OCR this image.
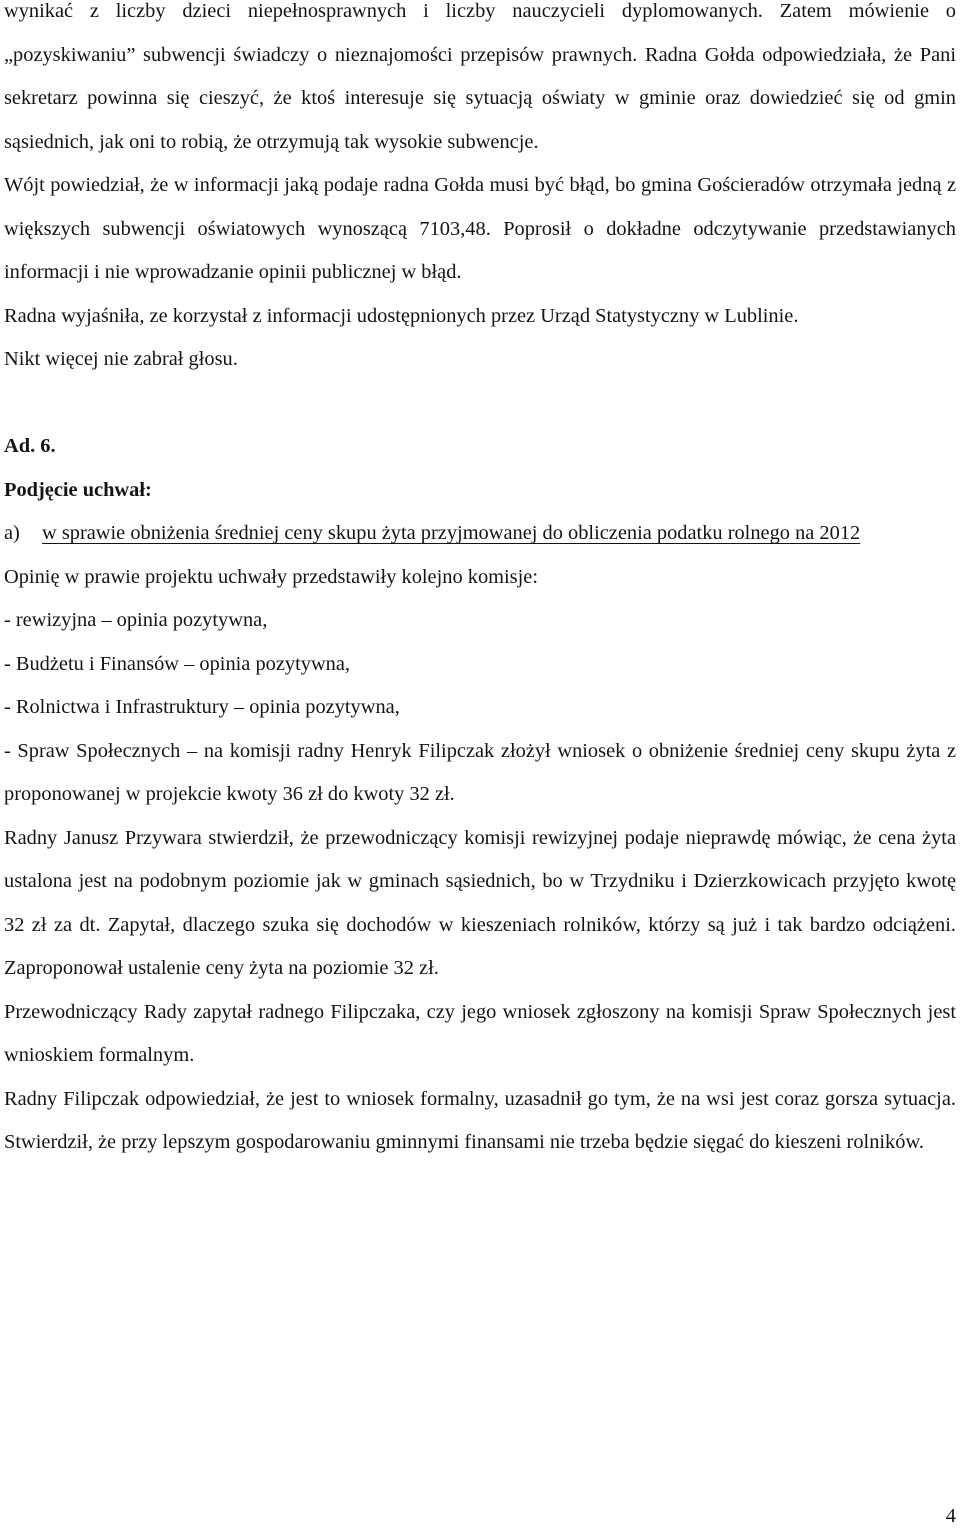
wynikać z liczby dzieci niepełnosprawnych i liczby nauczycieli dyplomowanych. Zatem mówienie o „pozyskiwaniu” subwencji świadczy o nieznajomości przepisów prawnych. Radna Gołda odpowiedziała, że Pani sekretarz powinna się cieszyć, że ktoś interesuje się sytuacją oświaty w gminie oraz dowiedzieć się od gmin sąsiednich, jak oni to robią, że otrzymują tak wysokie subwencje.

Wójt powiedział, że w informacji jaką podaje radna Gołda musi być błąd, bo gmina Gościeradów otrzymała jedną z większych subwencji oświatowych wynoszącą 7103,48. Poprosił o dokładne odczytywanie przedstawianych informacji i nie wprowadzanie opinii publicznej w błąd.

Radna wyjaśniła, ze korzystał z informacji udostępnionych przez Urząd Statystyczny w Lublinie.

Nikt więcej nie zabrał głosu.

Ad. 6.

Podjęcie uchwał:

a)	w sprawie obniżenia średniej ceny skupu żyta przyjmowanej do obliczenia podatku rolnego na 2012

Opinię w prawie projektu uchwały przedstawiły kolejno komisje:

- rewizyjna – opinia pozytywna,

- Budżetu i Finansów – opinia pozytywna,

- Rolnictwa i Infrastruktury – opinia pozytywna,

- Spraw Społecznych – na komisji radny Henryk Filipczak złożył wniosek o obniżenie średniej ceny skupu żyta z proponowanej w projekcie kwoty 36 zł do kwoty 32 zł.

Radny Janusz Przywara stwierdził, że przewodniczący komisji rewizyjnej podaje nieprawdę mówiąc, że cena żyta ustalona jest na podobnym poziomie jak w gminach sąsiednich, bo w Trzydniku i Dzierzkowicach przyjęto kwotę 32 zł za dt. Zapytał, dlaczego szuka się dochodów w kieszeniach rolników, którzy są już i tak bardzo odciążeni. Zaproponował ustalenie ceny żyta na poziomie 32 zł.

Przewodniczący Rady zapytał radnego Filipczaka, czy jego wniosek zgłoszony na komisji Spraw Społecznych jest wnioskiem formalnym.

Radny Filipczak odpowiedział, że jest to wniosek formalny, uzasadnił go tym, że na wsi jest coraz gorsza sytuacja. Stwierdził, że przy lepszym gospodarowaniu gminnymi finansami nie trzeba będzie sięgać do kieszeni rolników.

4
